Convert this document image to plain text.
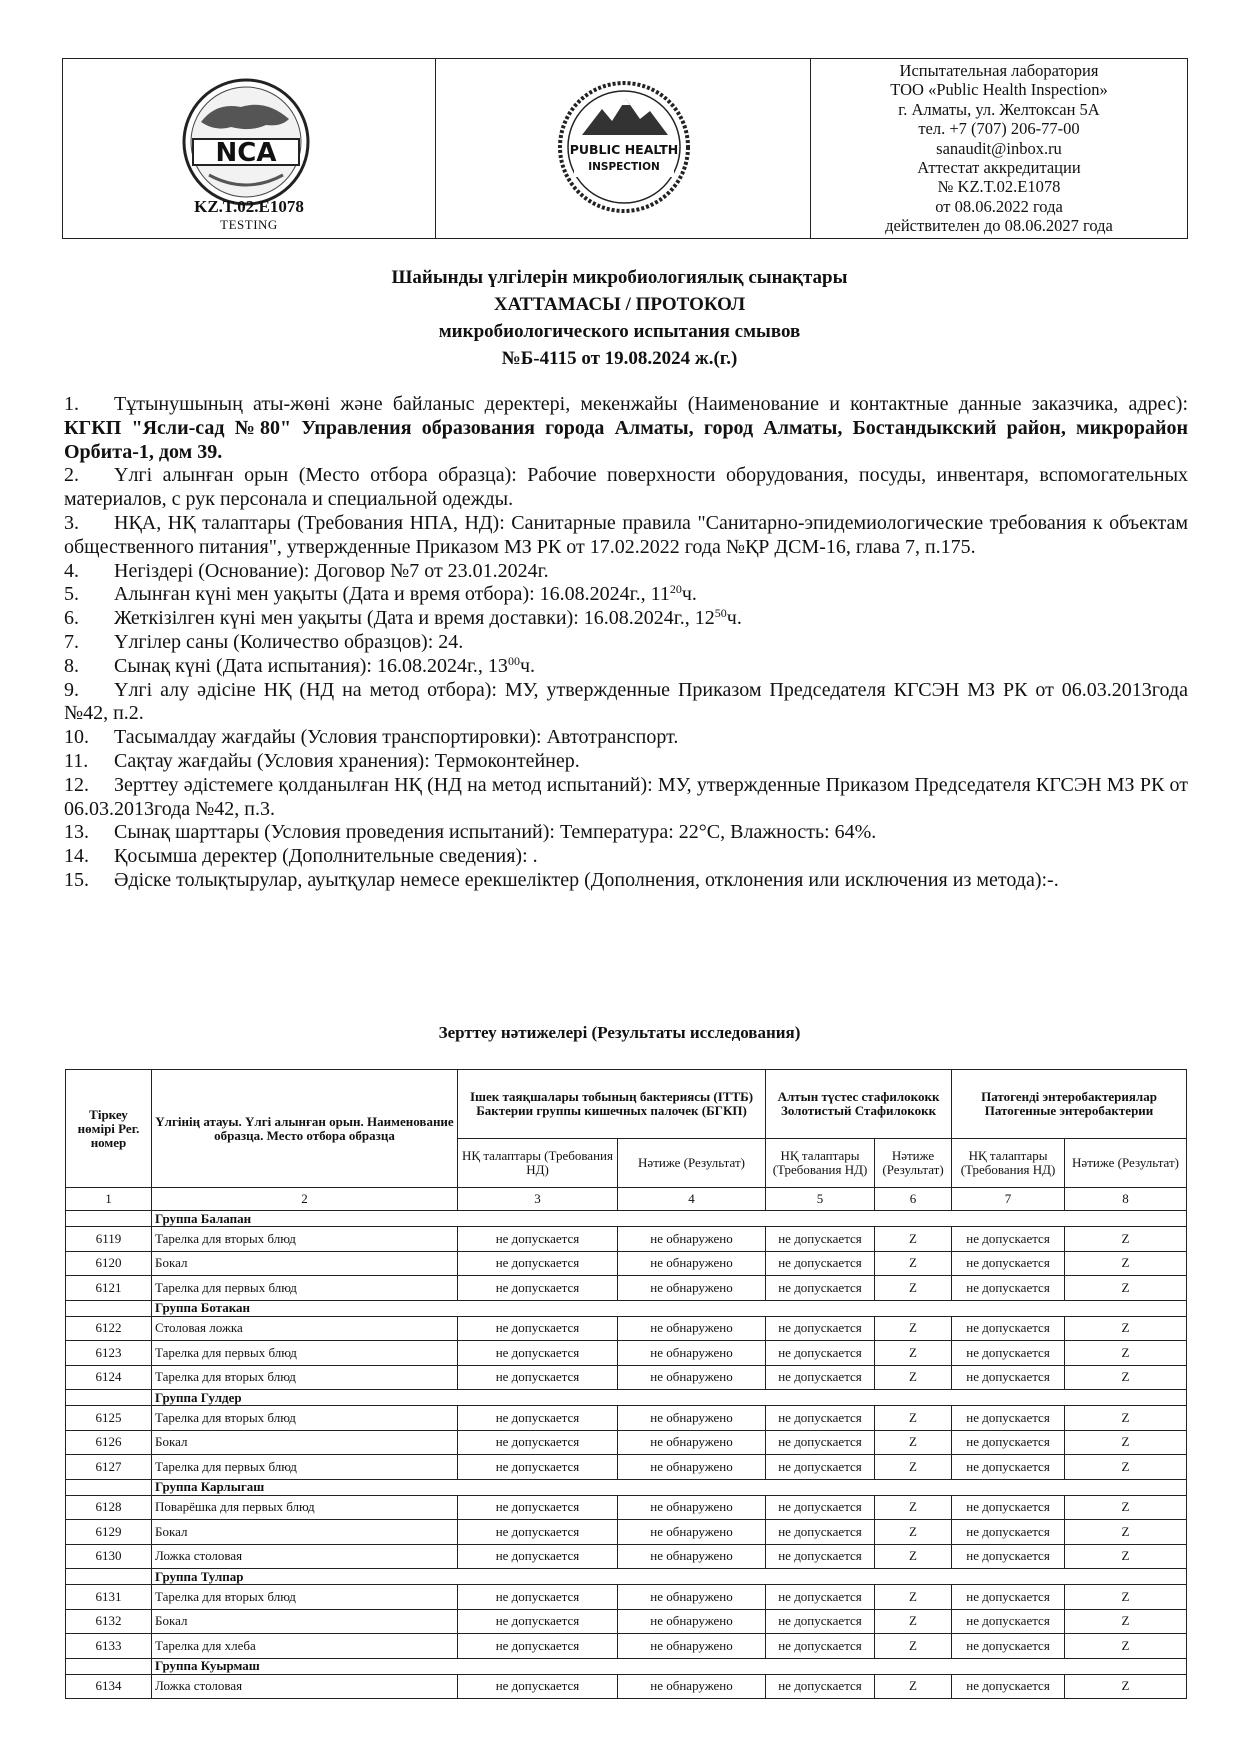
NCA
KZ.T.02.E1078
TESTING
PUBLIC HEALTH
INSPECTION
Испытательная лаборатория
ТОО «Public Health Inspection»
г. Алматы, ул. Желтоксан 5А
тел. +7 (707) 206-77-00
sanaudit@inbox.ru
Аттестат аккредитации
№ KZ.T.02.E1078
от 08.06.2022 года
действителен до 08.06.2027 года
Шайынды үлгілерін микробиологиялық сынақтары
ХАТТАМАСЫ / ПРОТОКОЛ
микробиологического испытания смывов
№Б-4115 от 19.08.2024 ж.(г.)

1. Тұтынушының аты-жөні және байланыс деректері, мекенжайы (Наименование и контактные данные заказчика, адрес): КГКП "Ясли-сад №80" Управления образования города Алматы, город Алматы, Бостандыкский район, микрорайон Орбита-1, дом 39.

2. Үлгі алынған орын (Место отбора образца): Рабочие поверхности оборудования, посуды, инвентаря, вспомогательных материалов, с рук персонала и специальной одежды.

3. НҚА, НҚ талаптары (Требования НПА, НД): Санитарные правила "Санитарно-эпидемиологические требования к объектам общественного питания", утвержденные Приказом МЗ РК от 17.02.2022 года №ҚР ДСМ-16, глава 7, п.175.

4. Негіздері (Основание): Договор №7 от 23.01.2024г.

5. Алынған күні мен уақыты (Дата и время отбора): 16.08.2024г., $11^{20}ч$.

6. Жеткізілген күні мен уақыты (Дата и время доставки): 16.08.2024г., $12^{50}ч$.

7. Үлгілер саны (Количество образцов): 24.

8. Сынақ күні (Дата испытания): 16.08.2024г., $13^{00}ч$.

9. Үлгі алу әдісіне НҚ (НД на метод отбора): МУ, утвержденные Приказом Председателя КГСЭН МЗ РК от 06.03.2013года №42, п.2.

10. Тасымалдау жағдайы (Условия транспортировки): Автотранспорт.

11. Сақтау жағдайы (Условия хранения): Термоконтейнер.

12. Зерттеу әдістемеге қолданылған НҚ (НД на метод испытаний): МУ, утвержденные Приказом Председателя КГСЭН МЗ РК от 06.03.2013года №42, п.3.

13. Сынақ шарттары (Условия проведения испытаний): Температура: 22°С, Влажность: 64%.

14. Қосымша деректер (Дополнительные сведения): .

15. Әдіске толықтырулар, ауытқулар немесе ерекшеліктер (Дополнения, отклонения или исключения из метода):-.

Зерттеу нәтижелері (Результаты исследования)
Тіркеу нөмірі Рег. номер	Үлгінің атауы. Үлгі алынған орын. Наименование образца. Место отбора образца	Ішек таяқшалары тобының бактериясы (ІТТБ) Бактерии группы кишечных палочек (БГКП)		Алтын түстес стафилококк Золотистый Стафилококк		Патогенді энтеробактериялар Патогенные энтеробактерии	
		НҚ талаптары (Требования НД)	Нәтиже (Результат)	НҚ талаптары (Требования НД)	Нәтиже (Результат)	НҚ талаптары (Требования НД)	Нәтиже (Результат)
1	2	3	4	5	6	7	8
	Группа Балапан						
6119	Тарелка для вторых блюд	не допускается	не обнаружено	не допускается	Z	не допускается	Z
6120	Бокал	не допускается	не обнаружено	не допускается	Z	не допускается	Z
6121	Тарелка для первых блюд	не допускается	не обнаружено	не допускается	Z	не допускается	Z
	Группа Ботакан						
6122	Столовая ложка	не допускается	не обнаружено	не допускается	Z	не допускается	Z
6123	Тарелка для первых блюд	не допускается	не обнаружено	не допускается	Z	не допускается	Z
6124	Тарелка для вторых блюд	не допускается	не обнаружено	не допускается	Z	не допускается	Z
	Группа Гулдер						
6125	Тарелка для вторых блюд	не допускается	не обнаружено	не допускается	Z	не допускается	Z
6126	Бокал	не допускается	не обнаружено	не допускается	Z	не допускается	Z
6127	Тарелка для первых блюд	не допускается	не обнаружено	не допускается	Z	не допускается	Z
	Группа Карлыгаш						
6128	Поварёшка для первых блюд	не допускается	не обнаружено	не допускается	Z	не допускается	Z
6129	Бокал	не допускается	не обнаружено	не допускается	Z	не допускается	Z
6130	Ложка столовая	не допускается	не обнаружено	не допускается	Z	не допускается	Z
	Группа Тулпар						
6131	Тарелка для вторых блюд	не допускается	не обнаружено	не допускается	Z	не допускается	Z
6132	Бокал	не допускается	не обнаружено	не допускается	Z	не допускается	Z
6133	Тарелка для хлеба	не допускается	не обнаружено	не допускается	Z	не допускается	Z
	Группа Куырмаш						
6134	Ложка столовая	не допускается	не обнаружено	не допускается	Z	не допускается	Z
